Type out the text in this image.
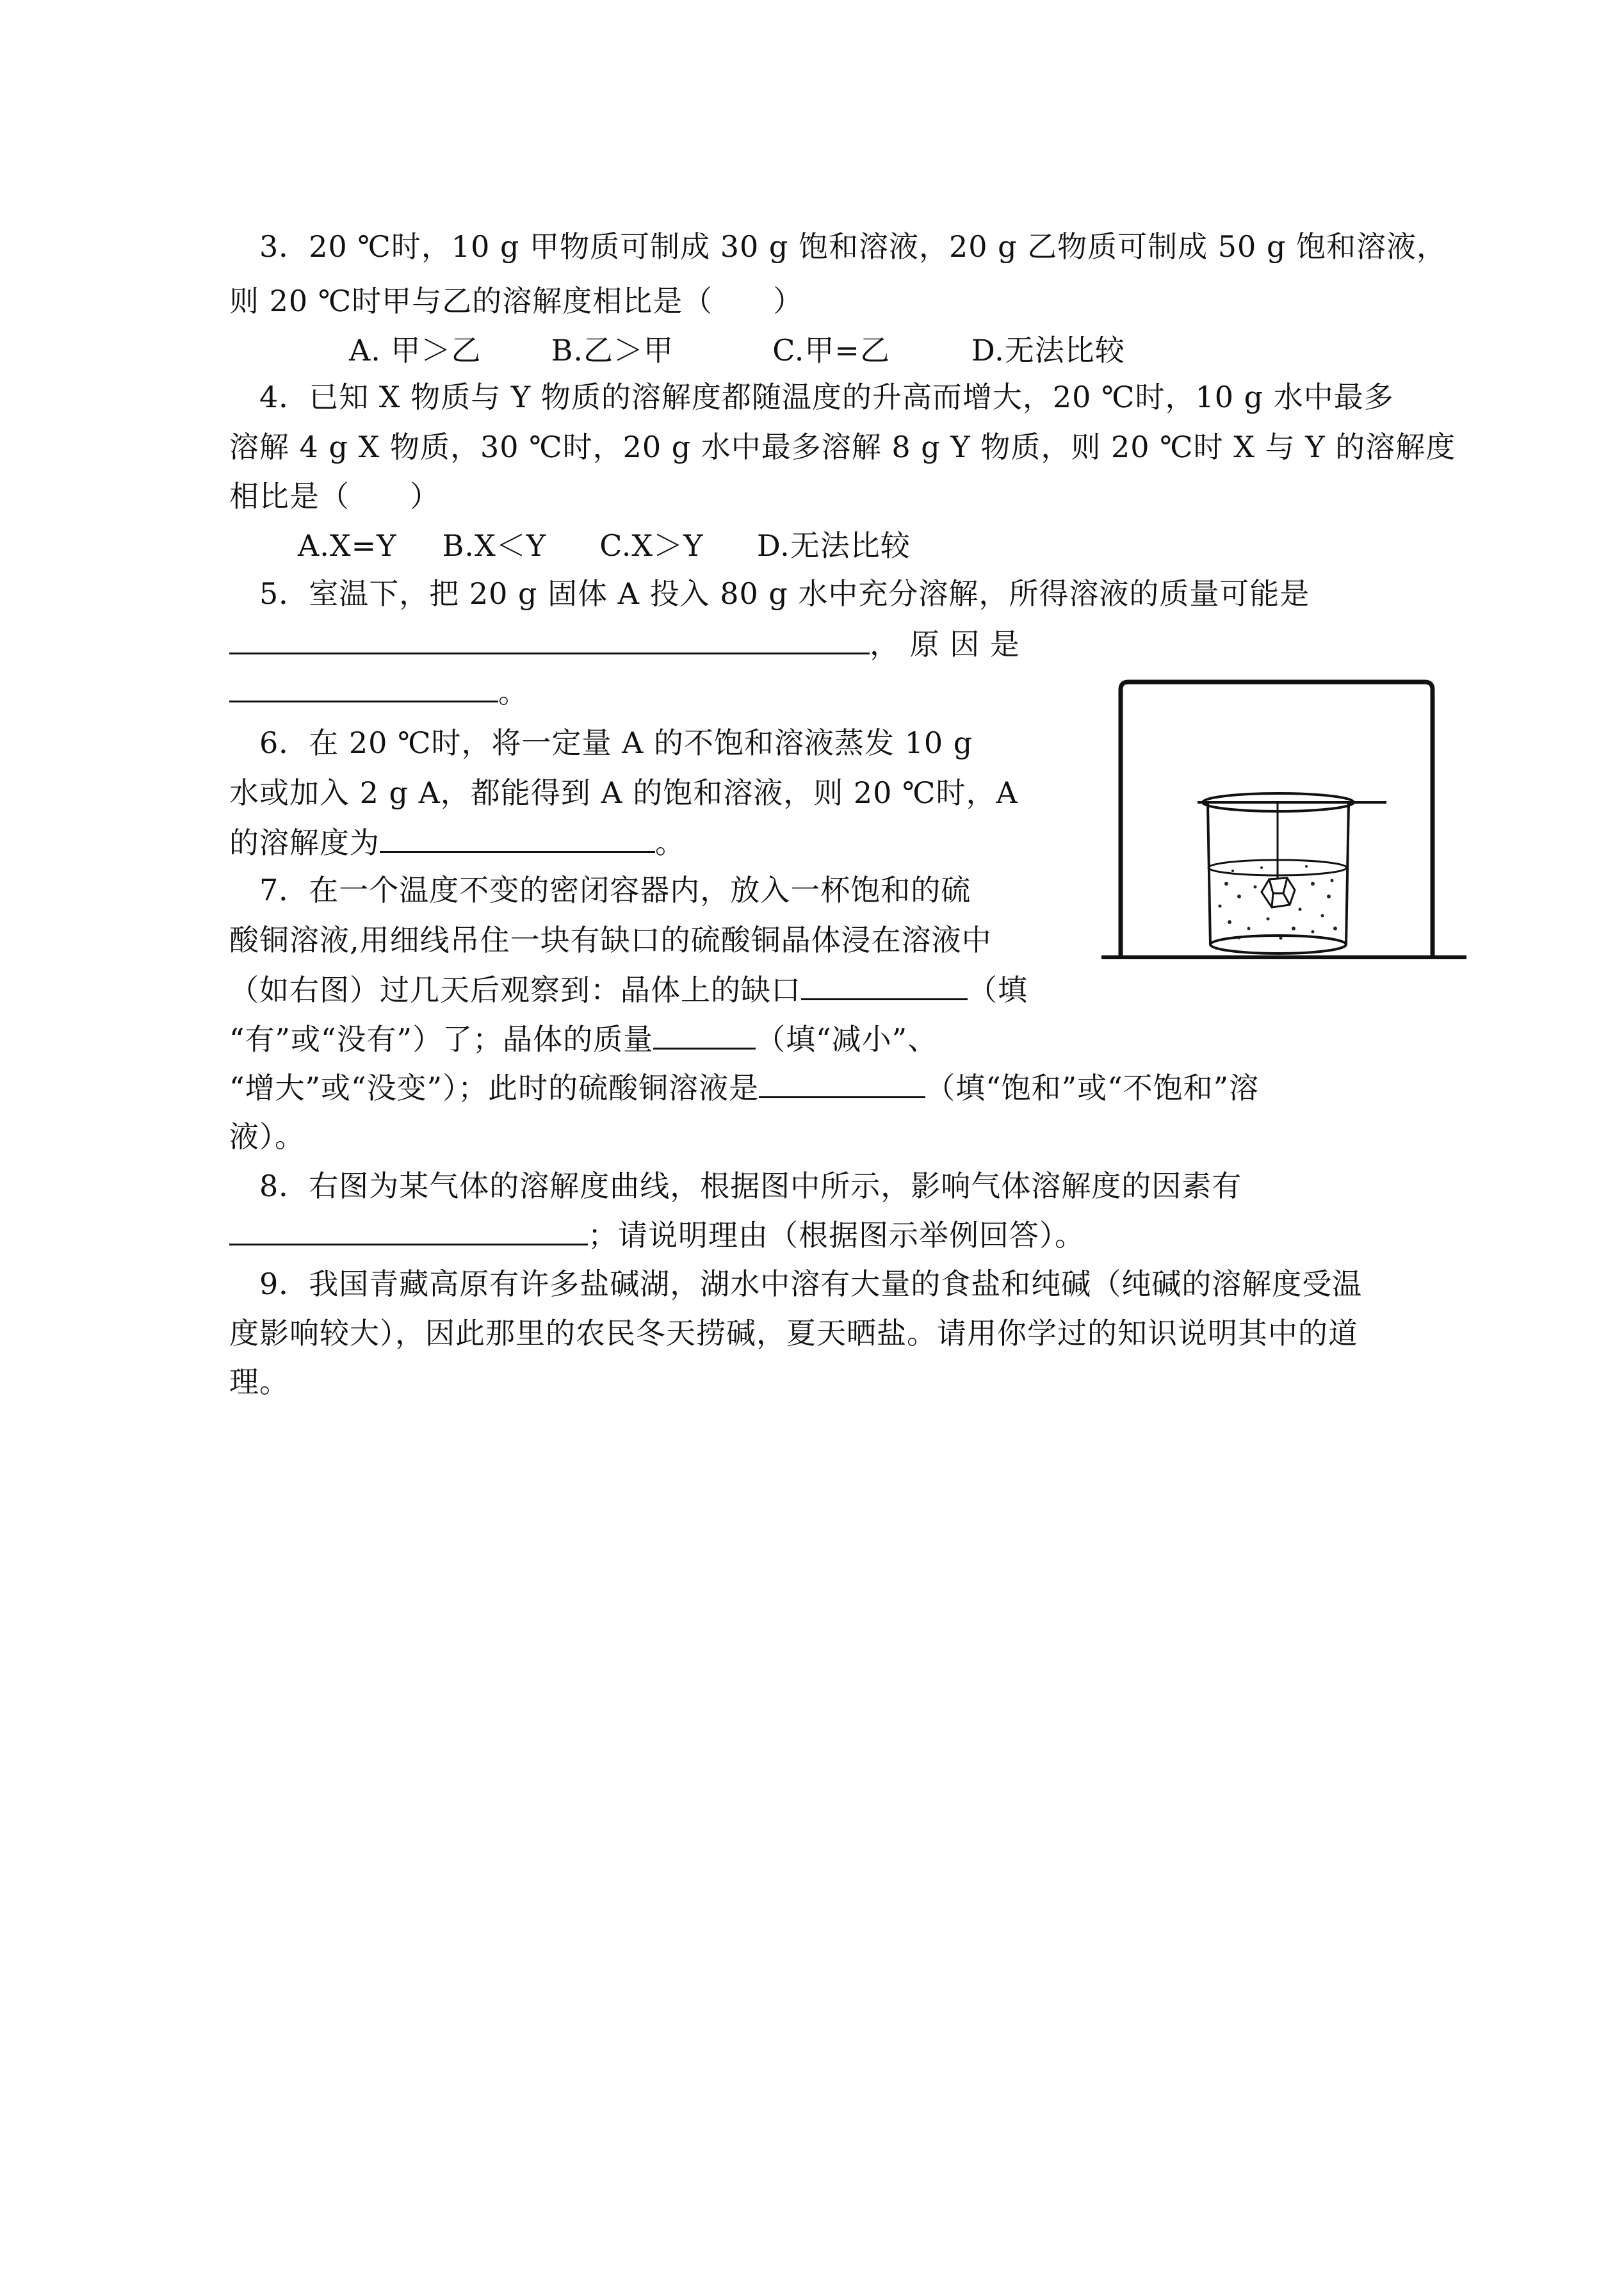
3．20 ℃时，10 g 甲物质可制成 30 g 饱和溶液，20 g 乙物质可制成 50 g 饱和溶液，
则 20 ℃时甲与乙的溶解度相比是（　　）
A. 甲＞乙 B.乙＞甲	C.甲=乙	D.无法比较
4．已知 X 物质与 Y 物质的溶解度都随温度的升高而增大，20 ℃时，10 g 水中最多
溶解 4 g X 物质，30 ℃时，20 g 水中最多溶解 8 g Y 物质，则 20 ℃时 X 与 Y 的溶解度
相比是（　　）
A.X=Y B.X＜Y C.X＞Y D.无法比较
5．室温下，把 20 g 固体 A 投入 80 g 水中充分溶解，所得溶液的质量可能是
， 原 因 是
。
6．在 20 ℃时，将一定量 A 的不饱和溶液蒸发 10 g
水或加入 2 g A，都能得到 A 的饱和溶液，则 20 ℃时，A
的溶解度为	。
7．在一个温度不变的密闭容器内，放入一杯饱和的硫
酸铜溶液,用细线吊住一块有缺口的硫酸铜晶体浸在溶液中
（如右图）过几天后观察到：晶体上的缺口	（填
“有”或“没有”）了；晶体的质量	（填“减小”、
“增大”或“没变”）；此时的硫酸铜溶液是	（填“饱和”或“不饱和”溶
液）。
8．右图为某气体的溶解度曲线，根据图中所示，影响气体溶解度的因素有
；请说明理由（根据图示举例回答）。
9．我国青藏高原有许多盐碱湖，湖水中溶有大量的食盐和纯碱（纯碱的溶解度受温
度影响较大），因此那里的农民冬天捞碱，夏天晒盐。请用你学过的知识说明其中的道
理。
